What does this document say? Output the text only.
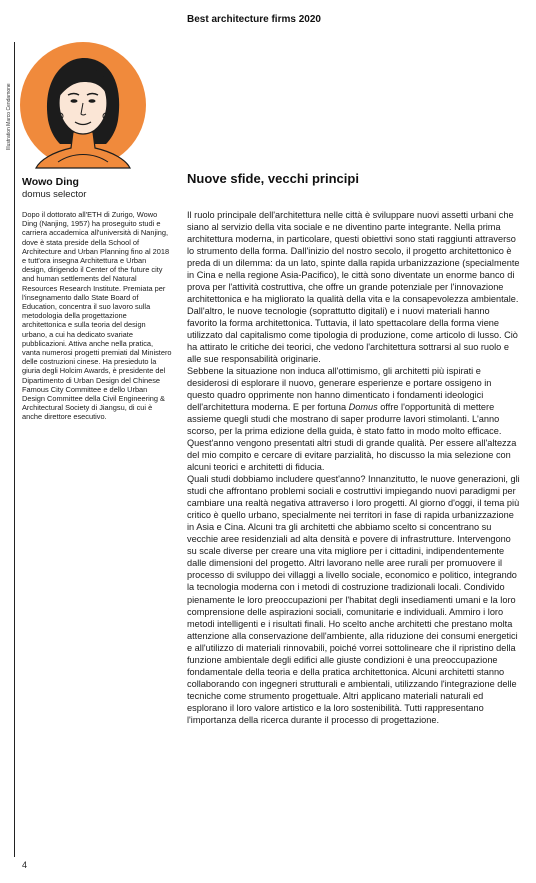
Best architecture firms 2020
Illustration Marco Cendamone
Wowo Ding
domus selector

Dopo il dottorato all'ETH di Zurigo, Wowo Ding (Nanjing, 1957) ha proseguito studi e carriera accademica all'università di Nanjing, dove è stata preside della School of Architecture and Urban Planning fino al 2018 e tutt'ora insegna Architettura e Urban design, dirigendo il Center of the future city and human settlements del Natural Resources Research Institute. Premiata per l'insegnamento dallo State Board of Education, concentra il suo lavoro sulla metodologia della progettazione architettonica e sulla teoria del design urbano, a cui ha dedicato svariate pubblicazioni. Attiva anche nella pratica, vanta numerosi progetti premiati dal Ministero delle costruzioni cinese. Ha presieduto la giuria degli Holcim Awards, è presidente del Dipartimento di Urban Design del Chinese Famous City Committee e dello Urban Design Committee della Civil Engineering & Architectural Society di Jiangsu, di cui è anche direttore esecutivo.

Nuove sfide, vecchi principi

Il ruolo principale dell'architettura nelle città è sviluppare nuovi assetti urbani che siano al servizio della vita sociale e ne diventino parte integrante. Nella prima architettura moderna, in particolare, questi obiettivi sono stati raggiunti attraverso lo strumento della forma. Dall'inizio del nostro secolo, il progetto architettonico è preda di un dilemma: da un lato, spinte dalla rapida urbanizzazione (specialmente in Cina e nella regione Asia-Pacifico), le città sono diventate un enorme banco di prova per l'attività costruttiva, che offre un grande potenziale per l'innovazione architettonica e ha migliorato la qualità della vita e la consapevolezza ambientale. Dall'altro, le nuove tecnologie (soprattutto digitali) e i nuovi materiali hanno favorito la forma architettonica. Tuttavia, il lato spettacolare della forma viene utilizzato dal capitalismo come tipologia di produzione, come articolo di lusso. Ciò ha attirato le critiche dei teorici, che vedono l'architettura sottrarsi al suo ruolo e alle sue responsabilità originarie.

Sebbene la situazione non induca all'ottimismo, gli architetti più ispirati e desiderosi di esplorare il nuovo, generare esperienze e portare ossigeno in questo quadro opprimente non hanno dimenticato i fondamenti ideologici dell'architettura moderna. E per fortuna Domus offre l'opportunità di mettere assieme quegli studi che mostrano di saper produrre lavori stimolanti. L'anno scorso, per la prima edizione della guida, è stato fatto in modo molto efficace. Quest'anno vengono presentati altri studi di grande qualità. Per essere all'altezza del mio compito e cercare di evitare parzialità, ho discusso la mia selezione con alcuni teorici e architetti di fiducia.

Quali studi dobbiamo includere quest'anno? Innanzitutto, le nuove generazioni, gli studi che affrontano problemi sociali e costruttivi impiegando nuovi paradigmi per cambiare una realtà negativa attraverso i loro progetti. Al giorno d'oggi, il tema più critico è quello urbano, specialmente nei territori in fase di rapida urbanizzazione in Asia e Cina. Alcuni tra gli architetti che abbiamo scelto si concentrano su vecchie aree residenziali ad alta densità e povere di infrastrutture. Intervengono su scale diverse per creare una vita migliore per i cittadini, indipendentemente dalle dimensioni del progetto. Altri lavorano nelle aree rurali per promuovere il processo di sviluppo dei villaggi a livello sociale, economico e politico, integrando la tecnologia moderna con i metodi di costruzione tradizionali locali. Condivido pienamente le loro preoccupazioni per l'habitat degli insediamenti umani e la loro comprensione delle aspirazioni sociali, comunitarie e individuali. Ammiro i loro metodi intelligenti e i risultati finali. Ho scelto anche architetti che prestano molta attenzione alla conservazione dell'ambiente, alla riduzione dei consumi energetici e all'utilizzo di materiali rinnovabili, poiché vorrei sottolineare che il ripristino della funzione ambientale degli edifici alle giuste condizioni è una preoccupazione fondamentale della teoria e della pratica architettonica. Alcuni architetti stanno collaborando con ingegneri strutturali e ambientali, utilizzando l'integrazione delle tecniche come strumento progettuale. Altri applicano materiali naturali ed esplorano il loro valore artistico e la loro sostenibilità. Tutti rappresentano l'importanza della ricerca durante il processo di progettazione.

4
